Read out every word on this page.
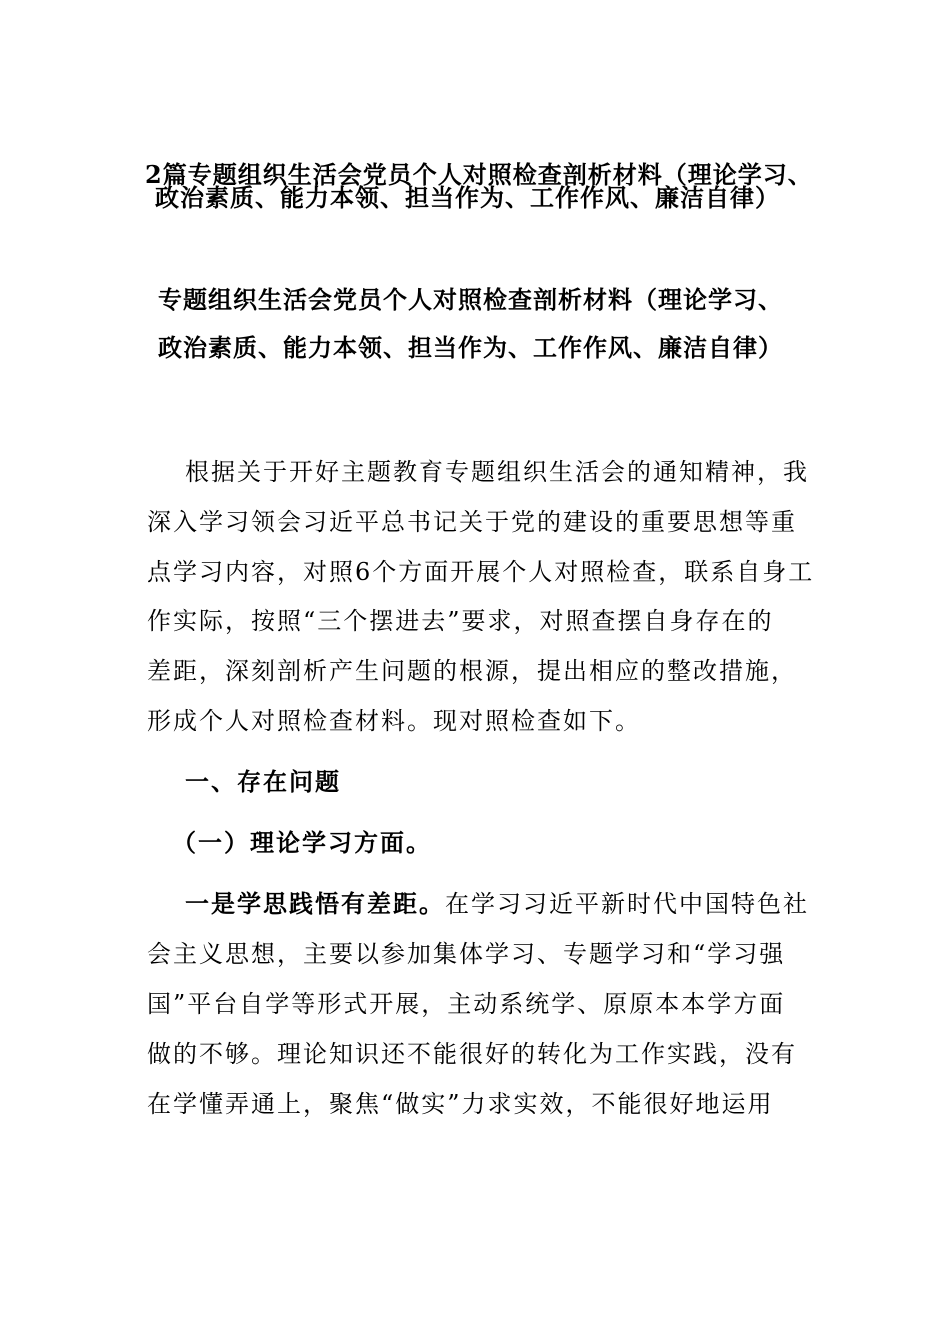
2篇专题组织生活会党员个人对照检查剖析材料（理论学习、

政治素质、能力本领、担当作为、工作作风、廉洁自律）

专题组织生活会党员个人对照检查剖析材料（理论学习、

政治素质、能力本领、担当作为、工作作风、廉洁自律）

根据关于开好主题教育专题组织生活会的通知精神，我

深入学习领会习近平总书记关于党的建设的重要思想等重

点学习内容，对照6个方面开展个人对照检查，联系自身工

作实际，按照“三个摆进去”要求，对照查摆自身存在的

差距，深刻剖析产生问题的根源，提出相应的整改措施，

形成个人对照检查材料。现对照检查如下。

一、存在问题

（一）理论学习方面。

一是学思践悟有差距。在学习习近平新时代中国特色社

会主义思想，主要以参加集体学习、专题学习和“学习强

国”平台自学等形式开展，主动系统学、原原本本学方面

做的不够。理论知识还不能很好的转化为工作实践，没有

在学懂弄通上，聚焦“做实”力求实效，不能很好地运用
